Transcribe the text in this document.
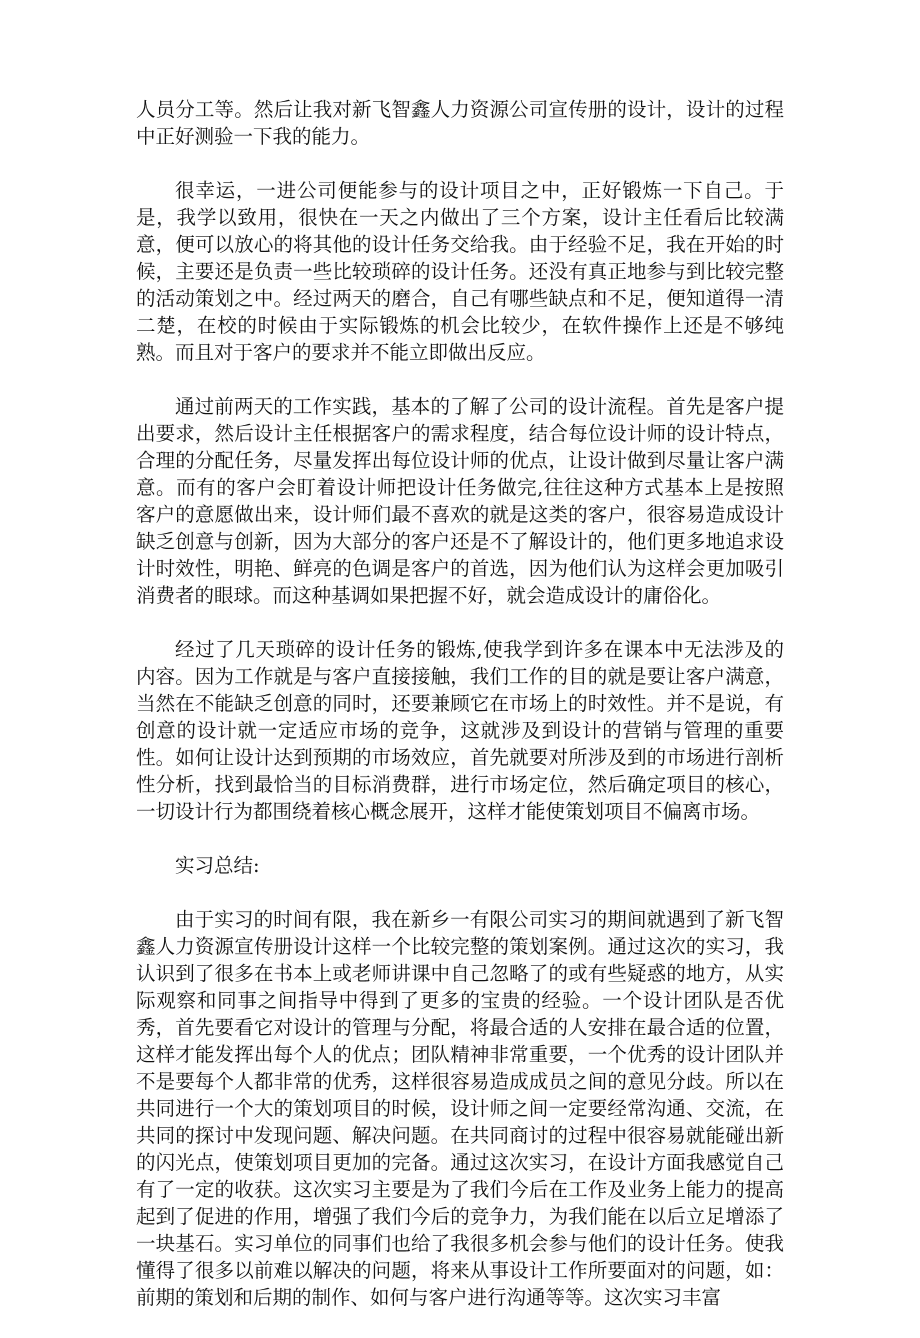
人员分工等。然后让我对新飞智鑫人力资源公司宣传册的设计，设计的过程中正好测验一下我的能力。

很幸运，一进公司便能参与的设计项目之中，正好锻炼一下自己。于是，我学以致用，很快在一天之内做出了三个方案，设计主任看后比较满意，便可以放心的将其他的设计任务交给我。由于经验不足，我在开始的时候，主要还是负责一些比较琐碎的设计任务。还没有真正地参与到比较完整的活动策划之中。经过两天的磨合，自己有哪些缺点和不足，便知道得一清二楚，在校的时候由于实际锻炼的机会比较少，在软件操作上还是不够纯熟。而且对于客户的要求并不能立即做出反应。

通过前两天的工作实践，基本的了解了公司的设计流程。首先是客户提出要求，然后设计主任根据客户的需求程度，结合每位设计师的设计特点，合理的分配任务，尽量发挥出每位设计师的优点，让设计做到尽量让客户满意。而有的客户会盯着设计师把设计任务做完,往往这种方式基本上是按照客户的意愿做出来，设计师们最不喜欢的就是这类的客户，很容易造成设计缺乏创意与创新，因为大部分的客户还是不了解设计的，他们更多地追求设计时效性，明艳、鲜亮的色调是客户的首选，因为他们认为这样会更加吸引消费者的眼球。而这种基调如果把握不好，就会造成设计的庸俗化。

经过了几天琐碎的设计任务的锻炼,使我学到许多在课本中无法涉及的内容。因为工作就是与客户直接接触，我们工作的目的就是要让客户满意，当然在不能缺乏创意的同时，还要兼顾它在市场上的时效性。并不是说，有创意的设计就一定适应市场的竞争，这就涉及到设计的营销与管理的重要性。如何让设计达到预期的市场效应，首先就要对所涉及到的市场进行剖析性分析，找到最恰当的目标消费群，进行市场定位，然后确定项目的核心，一切设计行为都围绕着核心概念展开，这样才能使策划项目不偏离市场。

实习总结:

由于实习的时间有限，我在新乡一有限公司实习的期间就遇到了新飞智鑫人力资源宣传册设计这样一个比较完整的策划案例。通过这次的实习，我认识到了很多在书本上或老师讲课中自己忽略了的或有些疑惑的地方，从实际观察和同事之间指导中得到了更多的宝贵的经验。一个设计团队是否优秀，首先要看它对设计的管理与分配，将最合适的人安排在最合适的位置，这样才能发挥出每个人的优点；团队精神非常重要，一个优秀的设计团队并不是要每个人都非常的优秀，这样很容易造成成员之间的意见分歧。所以在共同进行一个大的策划项目的时候，设计师之间一定要经常沟通、交流，在共同的探讨中发现问题、解决问题。在共同商讨的过程中很容易就能碰出新的闪光点，使策划项目更加的完备。通过这次实习，在设计方面我感觉自己有了一定的收获。这次实习主要是为了我们今后在工作及业务上能力的提高起到了促进的作用，增强了我们今后的竞争力，为我们能在以后立足增添了一块基石。实习单位的同事们也给了我很多机会参与他们的设计任务。使我懂得了很多以前难以解决的问题，将来从事设计工作所要面对的问题，如：前期的策划和后期的制作、如何与客户进行沟通等等。这次实习丰富
